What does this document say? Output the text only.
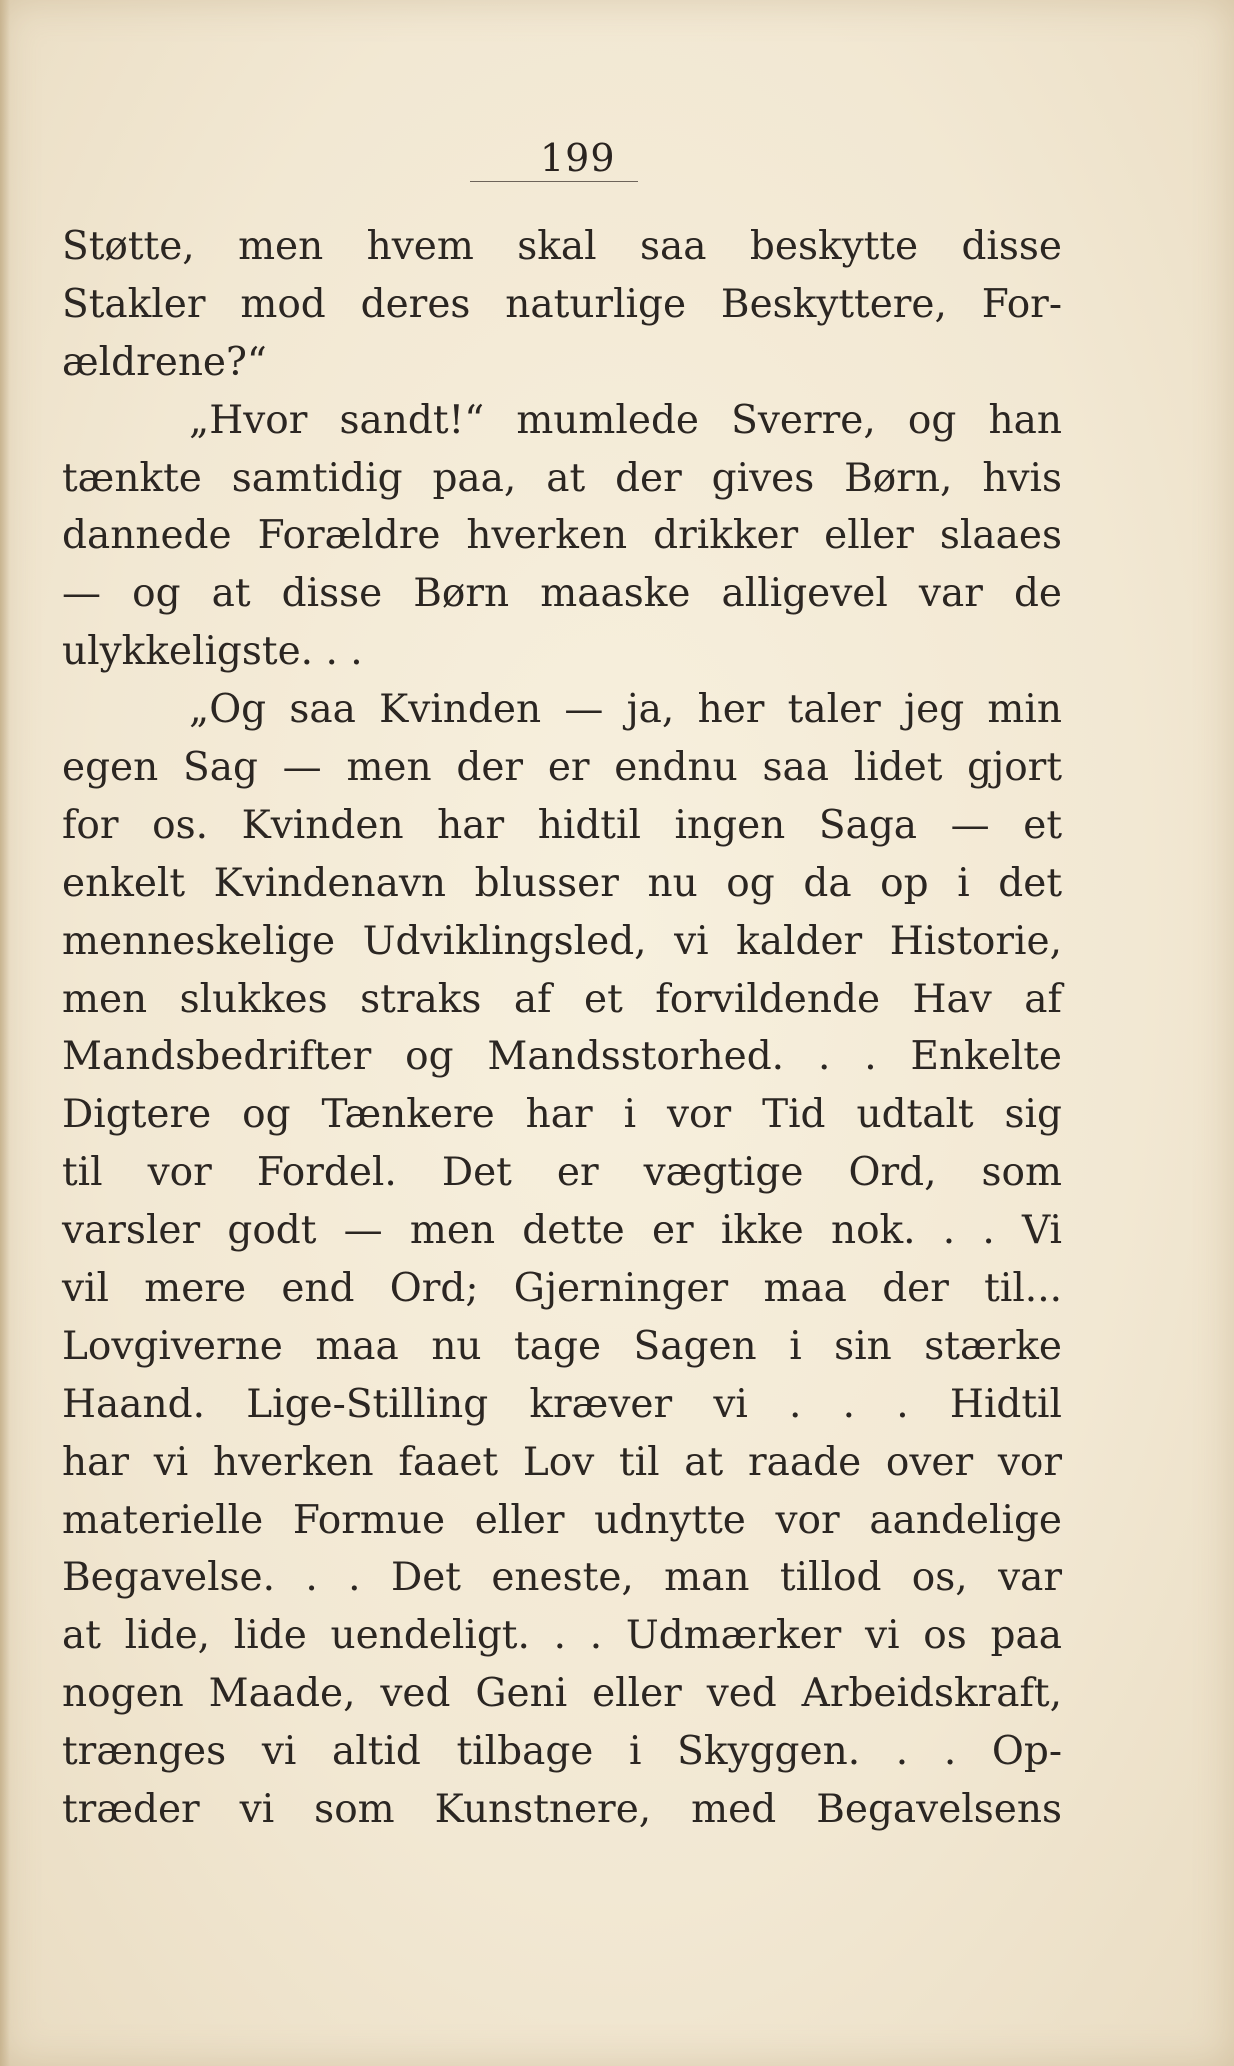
199
Støtte, men hvem skal saa beskytte disse
Stakler mod deres naturlige Beskyttere, For-
ældrene?“
„Hvor sandt!“ mumlede Sverre, og han
tænkte samtidig paa, at der gives Børn, hvis
dannede Forældre hverken drikker eller slaaes
— og at disse Børn maaske alligevel var de
ulykkeligste. . .
„Og saa Kvinden — ja, her taler jeg min
egen Sag — men der er endnu saa lidet gjort
for os. Kvinden har hidtil ingen Saga — et
enkelt Kvindenavn blusser nu og da op i det
menneskelige Udviklingsled, vi kalder Historie,
men slukkes straks af et forvildende Hav af
Mandsbedrifter og Mandsstorhed. . . Enkelte
Digtere og Tænkere har i vor Tid udtalt sig
til vor Fordel. Det er vægtige Ord, som
varsler godt — men dette er ikke nok. . . Vi
vil mere end Ord; Gjerninger maa der til...
Lovgiverne maa nu tage Sagen i sin stærke
Haand. Lige-Stilling kræver vi . . . Hidtil
har vi hverken faaet Lov til at raade over vor
materielle Formue eller udnytte vor aandelige
Begavelse. . . Det eneste, man tillod os, var
at lide, lide uendeligt. . . Udmærker vi os paa
nogen Maade, ved Geni eller ved Arbeidskraft,
trænges vi altid tilbage i Skyggen. . . Op-
træder vi som Kunstnere, med Begavelsens
